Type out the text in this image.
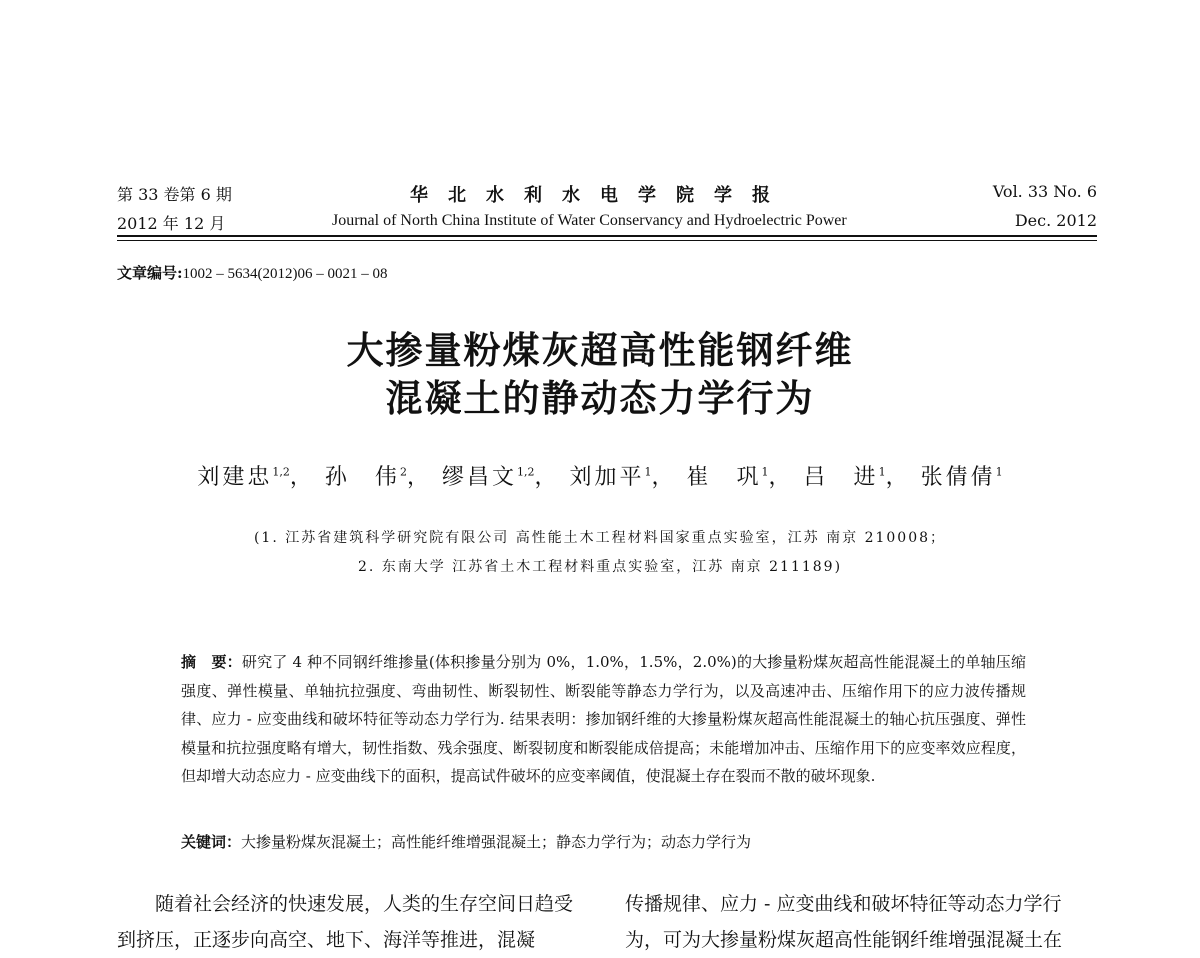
第 33 卷第 6 期	华北水利水电学院学报	Vol. 33 No. 6
2012 年 12 月	Journal of North China Institute of Water Conservancy and Hydroelectric Power	Dec. 2012
文章编号:1002 – 5634(2012)06 – 0021 – 08
大掺量粉煤灰超高性能钢纤维
混凝土的静动态力学行为
刘建忠$^{1,2}$， 孙　伟$^2$， 缪昌文$^{1,2}$， 刘加平$^1$， 崔　巩$^1$， 吕　进$^1$， 张倩倩$^1$
(1. 江苏省建筑科学研究院有限公司 高性能土木工程材料国家重点实验室，江苏 南京 210008；
2. 东南大学 江苏省土木工程材料重点实验室，江苏 南京 211189)
摘　要：研究了 4 种不同钢纤维掺量(体积掺量分别为 0%，1.0%，1.5%，2.0%)的大掺量粉煤灰超高性能混凝土的单轴压缩强度、弹性模量、单轴抗拉强度、弯曲韧性、断裂韧性、断裂能等静态力学行为，以及高速冲击、压缩作用下的应力波传播规律、应力 - 应变曲线和破坏特征等动态力学行为. 结果表明：掺加钢纤维的大掺量粉煤灰超高性能混凝土的轴心抗压强度、弹性模量和抗拉强度略有增大，韧性指数、残余强度、断裂韧度和断裂能成倍提高；未能增加冲击、压缩作用下的应变率效应程度，但却增大动态应力 - 应变曲线下的面积，提高试件破坏的应变率阈值，使混凝土存在裂而不散的破坏现象.
关键词：大掺量粉煤灰混凝土；高性能纤维增强混凝土；静态力学行为；动态力学行为
随着社会经济的快速发展，人类的生存空间日趋受到挤压，正逐步向高空、地下、海洋等推进，混凝
传播规律、应力 - 应变曲线和破坏特征等动态力学行为，可为大掺量粉煤灰超高性能钢纤维增强混凝土在
